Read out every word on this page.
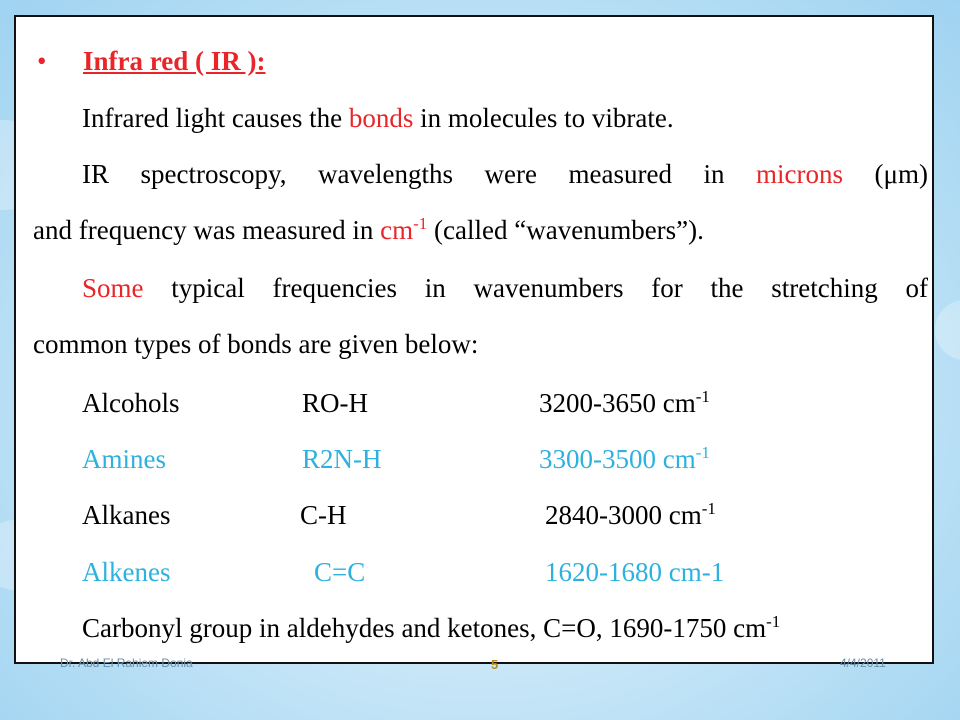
• Infra red ( IR ):
Infrared light causes the bonds in molecules to vibrate.
IR spectroscopy, wavelengths were measured in microns (μm)
and frequency was measured in $cm^{-1}$ (called “wavenumbers”).
Some typical frequencies in wavenumbers for the stretching of
common types of bonds are given below:
Alcohols	RO-H	3200-3650 $cm^{-1}$
Amines	R2N-H	3300-3500 $cm^{-1}$
Alkanes	C-H	2840-3000 $cm^{-1}$
Alkenes	C=C	1620-1680 cm-1
Carbonyl group in aldehydes and ketones, C=O, 1690-1750 $cm^{-1}$
Dr. Abd El Rahiem Donia	5	4/4/2011
